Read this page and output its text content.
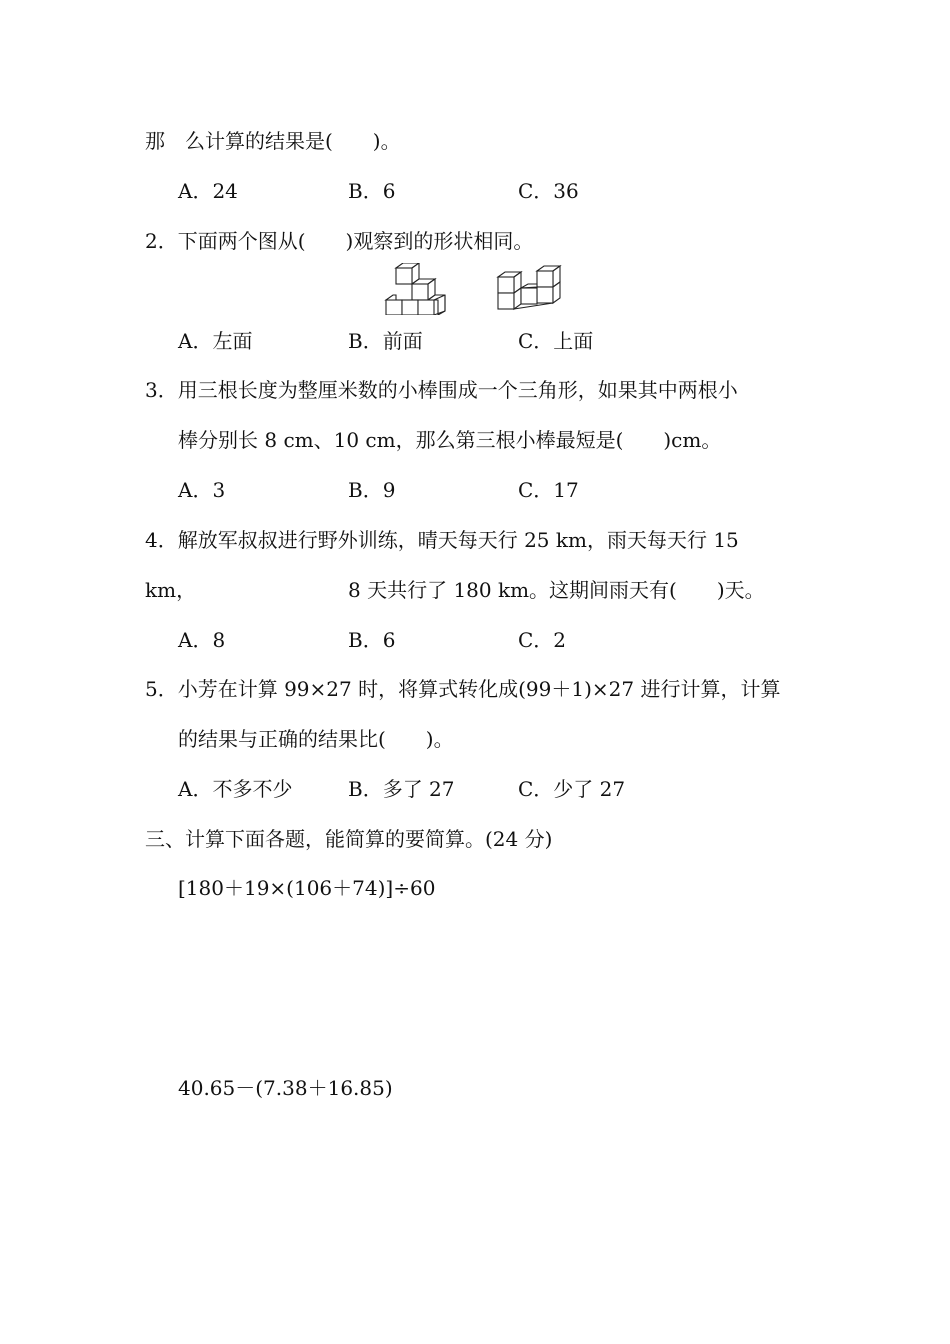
那　么计算的结果是(　　)。
A．24	B．6	C．36
2．下面两个图从(　　)观察到的形状相同。
A．左面	B．前面	C．上面
3．用三根长度为整厘米数的小棒围成一个三角形，如果其中两根小
棒分别长 8 cm、10 cm，那么第三根小棒最短是(　　)cm。
A．3	B．9	C．17
4．解放军叔叔进行野外训练，晴天每天行 25 km，雨天每天行 15
km，	8 天共行了 180 km。这期间雨天有(　　)天。
A．8	B．6	C．2
5．小芳在计算 99×27 时，将算式转化成(99＋1)×27 进行计算，计算
的结果与正确的结果比(　　)。
A．不多不少	B．多了 27	C．少了 27
三、计算下面各题，能简算的要简算。(24 分)
[180＋19×(106＋74)]÷60
40.65－(7.38＋16.85)
